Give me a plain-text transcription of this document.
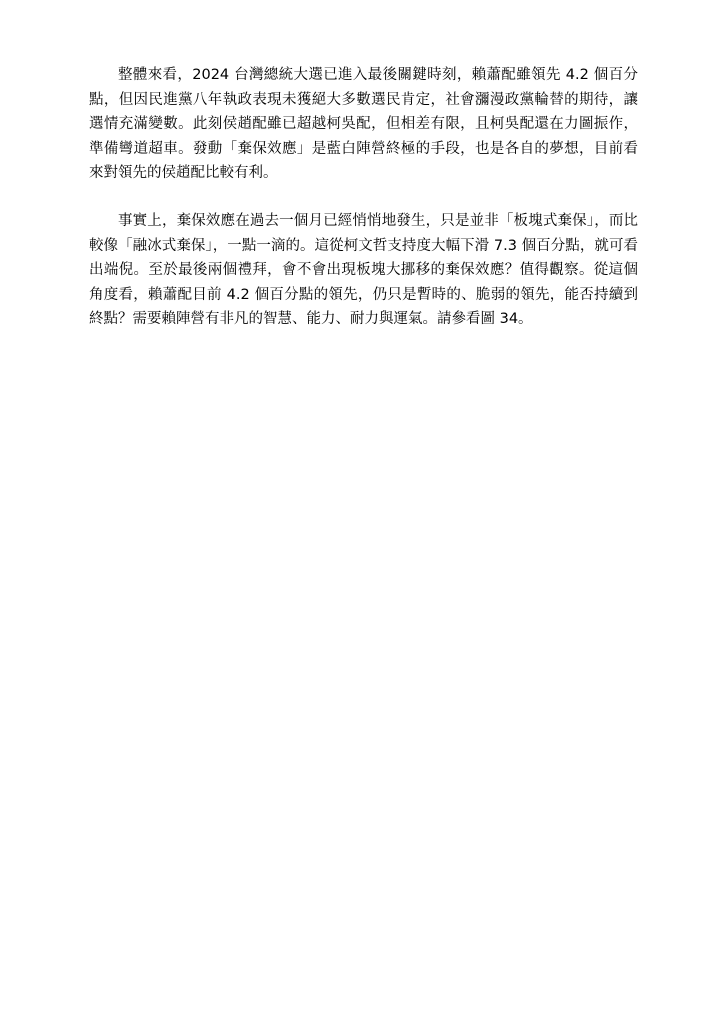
整體來看，2024 台灣總統大選已進入最後關鍵時刻，賴蕭配雖領先 4.2 個百分點，但因民進黨八年執政表現未獲絕大多數選民肯定，社會瀰漫政黨輪替的期待，讓選情充滿變數。此刻侯趙配雖已超越柯吳配，但相差有限，且柯吳配還在力圖振作，準備彎道超車。發動「棄保效應」是藍白陣營終極的手段，也是各自的夢想，目前看來對領先的侯趙配比較有利。

事實上，棄保效應在過去一個月已經悄悄地發生，只是並非「板塊式棄保」，而比較像「融冰式棄保」，一點一滴的。這從柯文哲支持度大幅下滑 7.3 個百分點，就可看出端倪。至於最後兩個禮拜，會不會出現板塊大挪移的棄保效應？值得觀察。從這個角度看，賴蕭配目前 4.2 個百分點的領先，仍只是暫時的、脆弱的領先，能否持續到終點？需要賴陣營有非凡的智慧、能力、耐力與運氣。請參看圖 34。
